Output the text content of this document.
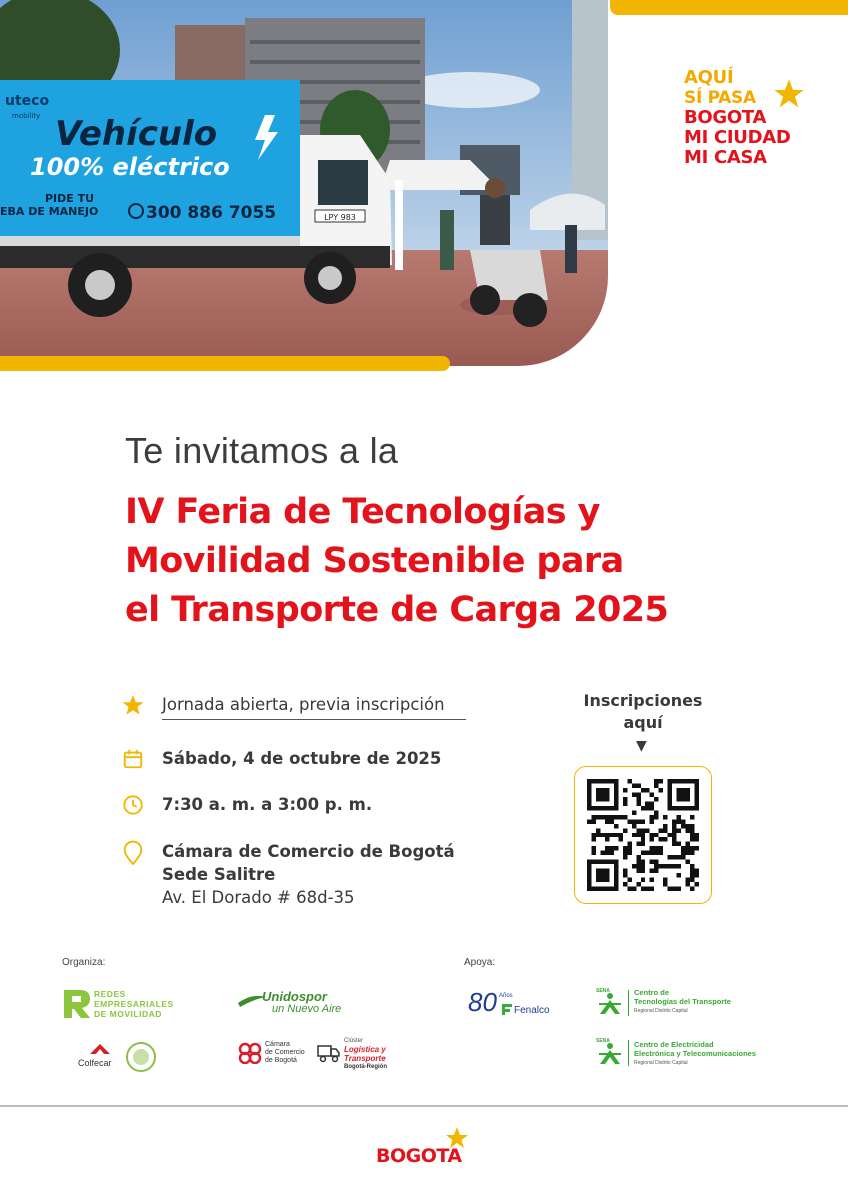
LPY 983
uteco
mobility Vehículo
100% eléctrico
PIDE TU
EBA DE MANEJO	300 886 7055
AQUÍ
SÍ PASA
BOGOTA
MI CIUDAD
MI CASA
Te invitamos a la
IV Feria de Tecnologías y
Movilidad Sostenible para
el Transporte de Carga 2025
Jornada abierta, previa inscripción
Sábado, 4 de octubre de 2025
7:30 a. m. a 3:00 p. m.
Cámara de Comercio de Bogotá
Sede Salitre
Av. El Dorado # 68d-35
Inscripciones
aquí
▼
Organiza:	Apoya:
REDES
EMPRESARIALES
DE MOVILIDAD
Unidospor
un Nuevo Aire
Colfecar
Cámara
de Comercio
de Bogotá
Clúster
Logística y
Transporte
Bogotá-Región
80 Años
Fenalco
SENA	Centro de
Tecnologías del Transporte
Regional Distrito Capital
SENA	Centro de Electricidad
Electrónica y Telecomunicaciones
Regional Distrito Capital
BOGOTA
